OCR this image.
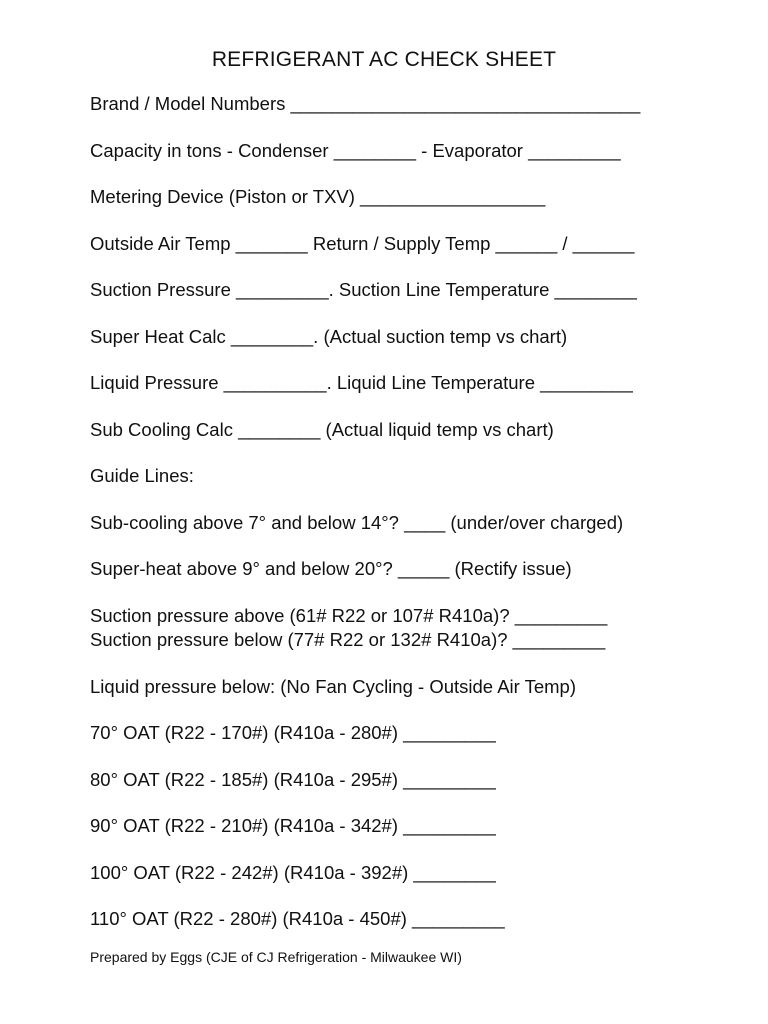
REFRIGERANT AC CHECK SHEET
Brand / Model Numbers __________________________________
Capacity in tons - Condenser ________ - Evaporator _________
Metering Device (Piston or TXV) __________________
Outside Air Temp _______ Return / Supply Temp ______ / ______
Suction Pressure _________. Suction Line Temperature ________
Super Heat Calc ________. (Actual suction temp vs chart)
Liquid Pressure __________. Liquid Line Temperature _________
Sub Cooling Calc ________ (Actual liquid temp vs chart)
Guide Lines:
Sub-cooling above 7° and below 14°? ____ (under/over charged)
Super-heat above 9° and below 20°? _____ (Rectify issue)
Suction pressure above (61# R22 or 107# R410a)? _________
Suction pressure below (77# R22 or 132# R410a)? _________
Liquid pressure below: (No Fan Cycling - Outside Air Temp)
70° OAT (R22 - 170#) (R410a - 280#) _________
80° OAT (R22 - 185#) (R410a - 295#) _________
90° OAT (R22 - 210#) (R410a - 342#) _________
100° OAT (R22 - 242#) (R410a - 392#) ________
110° OAT (R22 - 280#) (R410a - 450#) _________
Prepared by Eggs (CJE of CJ Refrigeration - Milwaukee WI)
